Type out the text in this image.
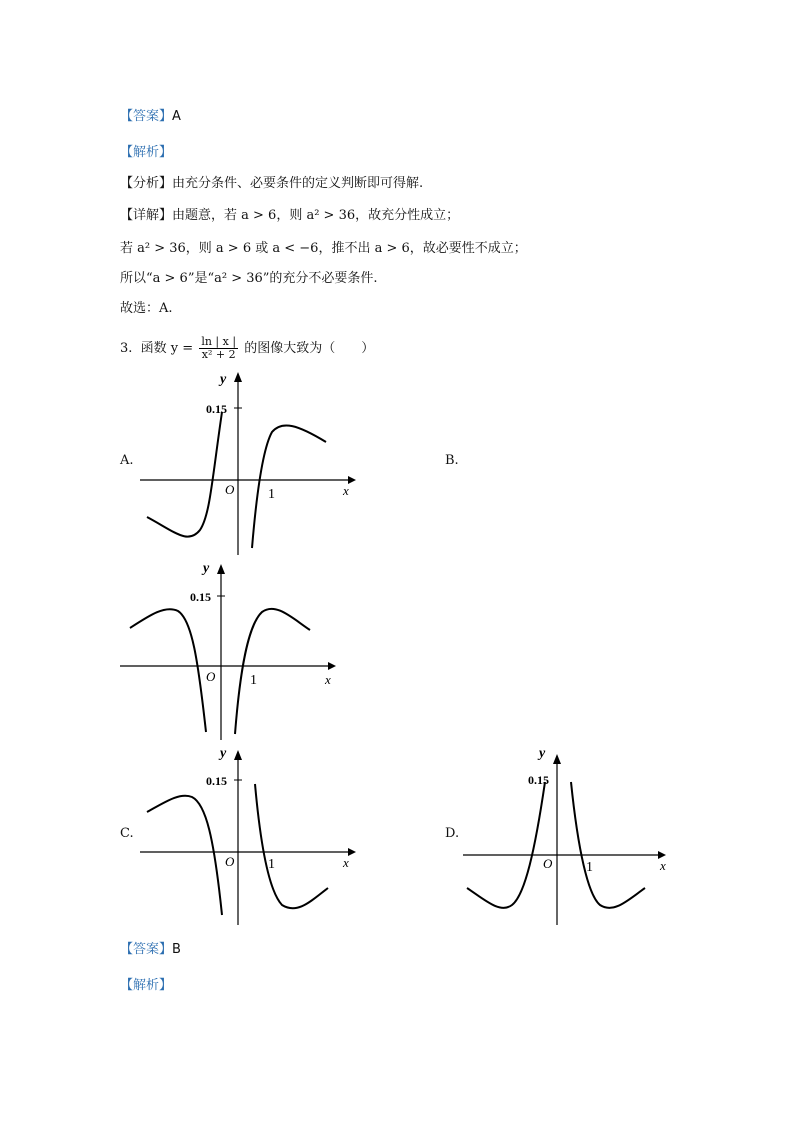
【答案】A
【解析】
【分析】由充分条件、必要条件的定义判断即可得解.
【详解】由题意，若 a > 6，则 a² > 36，故充分性成立；
若 a² > 36，则 a > 6 或 a < −6，推不出 a > 6，故必要性不成立；
所以“a > 6”是“a² > 36”的充分不必要条件.
故选：A.
3. 函数 $y = \frac{\ln | x |}{\text{x² + 2}}$ 的图像大致为（　　）
A.	B.
C.	D.
0.15
y
x
O 1
0.15
y
x
O 1
0.15
y
x
O 1
0.15
y
x
O 1
【答案】B
【解析】
